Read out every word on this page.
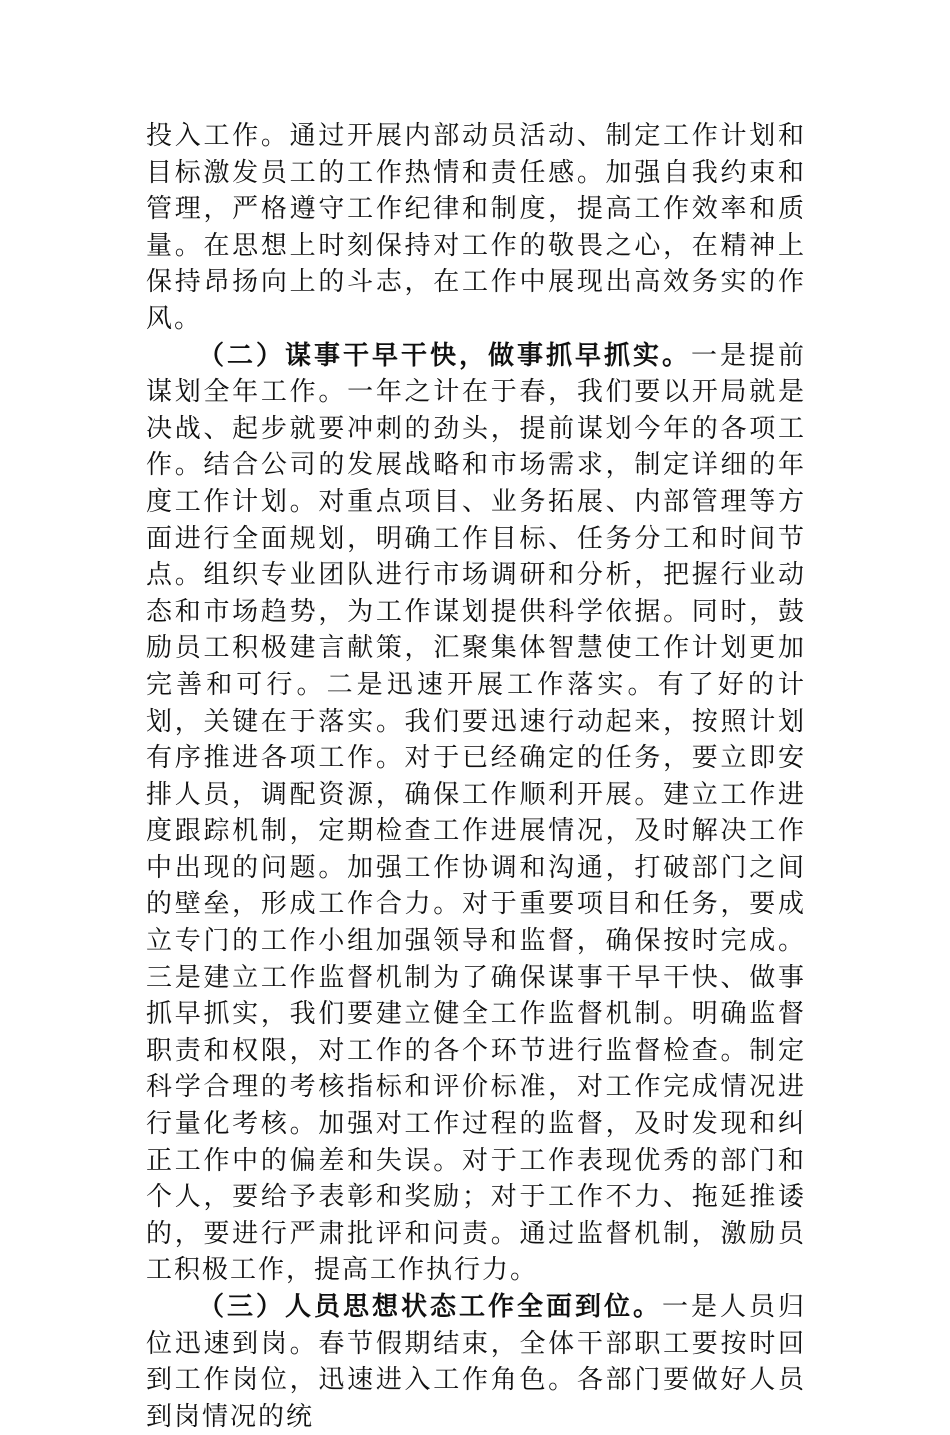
投入工作。通过开展内部动员活动、制定工作计划和目标激发员工的工作热情和责任感。加强自我约束和管理，严格遵守工作纪律和制度，提高工作效率和质量。在思想上时刻保持对工作的敬畏之心，在精神上保持昂扬向上的斗志，在工作中展现出高效务实的作风。

（二）谋事干早干快，做事抓早抓实。一是提前谋划全年工作。一年之计在于春，我们要以开局就是决战、起步就要冲刺的劲头，提前谋划今年的各项工作。结合公司的发展战略和市场需求，制定详细的年度工作计划。对重点项目、业务拓展、内部管理等方面进行全面规划，明确工作目标、任务分工和时间节点。组织专业团队进行市场调研和分析，把握行业动态和市场趋势，为工作谋划提供科学依据。同时，鼓励员工积极建言献策，汇聚集体智慧使工作计划更加完善和可行。二是迅速开展工作落实。有了好的计划，关键在于落实。我们要迅速行动起来，按照计划有序推进各项工作。对于已经确定的任务，要立即安排人员，调配资源，确保工作顺利开展。建立工作进度跟踪机制，定期检查工作进展情况，及时解决工作中出现的问题。加强工作协调和沟通，打破部门之间的壁垒，形成工作合力。对于重要项目和任务，要成立专门的工作小组加强领导和监督，确保按时完成。三是建立工作监督机制为了确保谋事干早干快、做事抓早抓实，我们要建立健全工作监督机制。明确监督职责和权限，对工作的各个环节进行监督检查。制定科学合理的考核指标和评价标准，对工作完成情况进行量化考核。加强对工作过程的监督，及时发现和纠正工作中的偏差和失误。对于工作表现优秀的部门和个人，要给予表彰和奖励；对于工作不力、拖延推诿的，要进行严肃批评和问责。通过监督机制，激励员工积极工作，提高工作执行力。

（三）人员思想状态工作全面到位。一是人员归位迅速到岗。春节假期结束，全体干部职工要按时回到工作岗位，迅速进入工作角色。各部门要做好人员到岗情况的统
